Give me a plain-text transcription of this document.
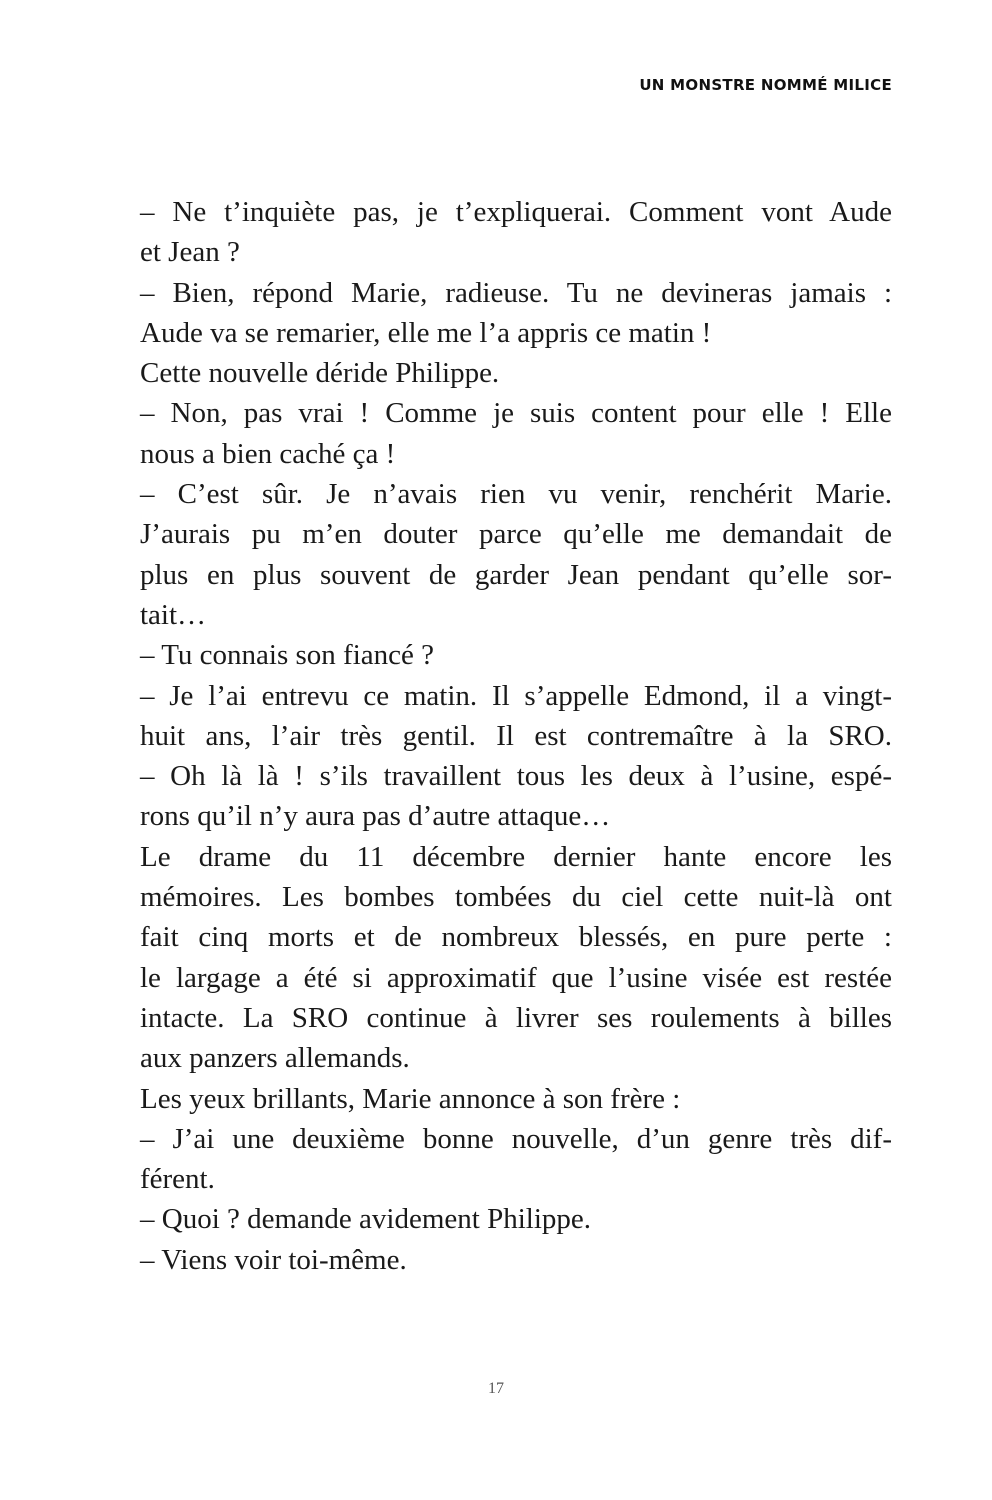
UN MONSTRE NOMMÉ MILICE
– Ne t’inquiète pas, je t’expliquerai. Comment vont Aude
et Jean ?
– Bien, répond Marie, radieuse. Tu ne devineras jamais :
Aude va se remarier, elle me l’a appris ce matin !
Cette nouvelle déride Philippe.
– Non, pas vrai ! Comme je suis content pour elle ! Elle
nous a bien caché ça !
– C’est sûr. Je n’avais rien vu venir, renchérit Marie.
J’aurais pu m’en douter parce qu’elle me demandait de
plus en plus souvent de garder Jean pendant qu’elle sor-
tait…
– Tu connais son fiancé ?
– Je l’ai entrevu ce matin. Il s’appelle Edmond, il a vingt-
huit ans, l’air très gentil. Il est contremaître à la SRO.
– Oh là là ! s’ils travaillent tous les deux à l’usine, espé-
rons qu’il n’y aura pas d’autre attaque…
Le drame du 11 décembre dernier hante encore les
mémoires. Les bombes tombées du ciel cette nuit-là ont
fait cinq morts et de nombreux blessés, en pure perte :
le largage a été si approximatif que l’usine visée est restée
intacte. La SRO continue à livrer ses roulements à billes
aux panzers allemands.
Les yeux brillants, Marie annonce à son frère :
– J’ai une deuxième bonne nouvelle, d’un genre très dif-
férent.
– Quoi ? demande avidement Philippe.
– Viens voir toi-même.
17
